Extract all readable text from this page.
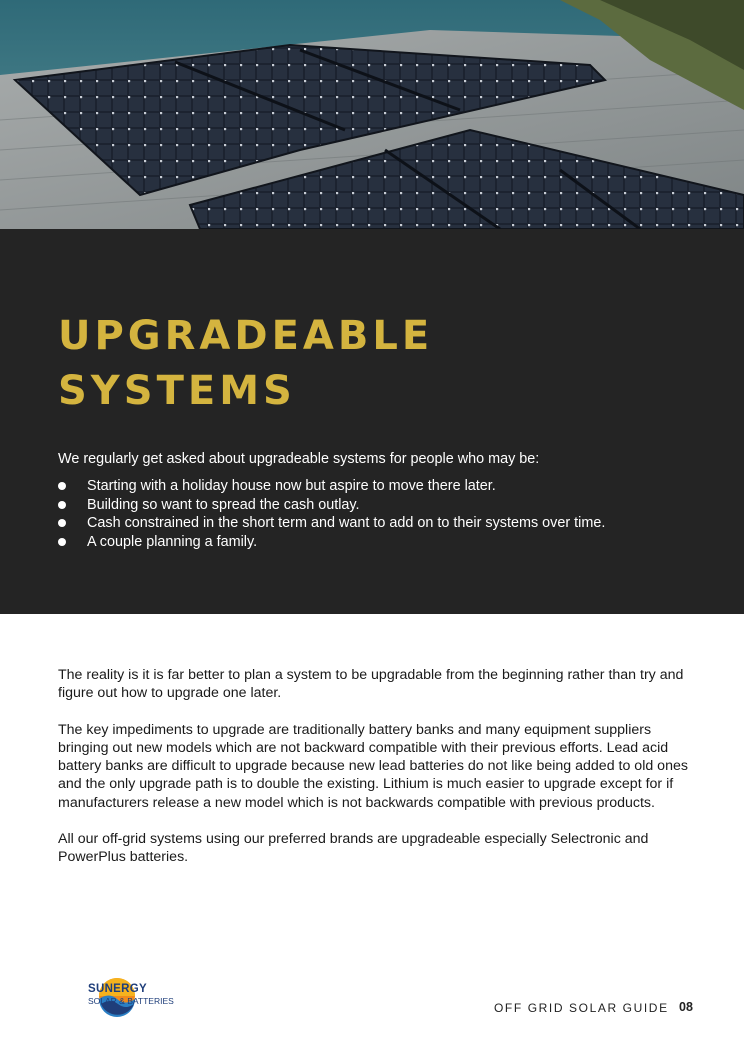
UPGRADEABLE
SYSTEMS

We regularly get asked about upgradeable systems for people who may be:

Starting with a holiday house now but aspire to move there later.
Building so want to spread the cash outlay.
Cash constrained in the short term and want to add on to their systems over time.
A couple planning a family.

The reality is it is far better to plan a system to be upgradable from the beginning rather than try and figure out how to upgrade one later.

The key impediments to upgrade are traditionally battery banks and many equipment suppliers bringing out new models which are not backward compatible with their previous efforts. Lead acid battery banks are difficult to upgrade because new lead batteries do not like being added to old ones and the only upgrade path is to double the existing. Lithium is much easier to upgrade except for if manufacturers release a new model which is not backwards compatible with previous products.

All our off-grid systems using our preferred brands are upgradeable especially Selectronic and PowerPlus batteries.

SUNERGY
SOLAR & BATTERIES	OFF GRID SOLAR GUIDE 08
